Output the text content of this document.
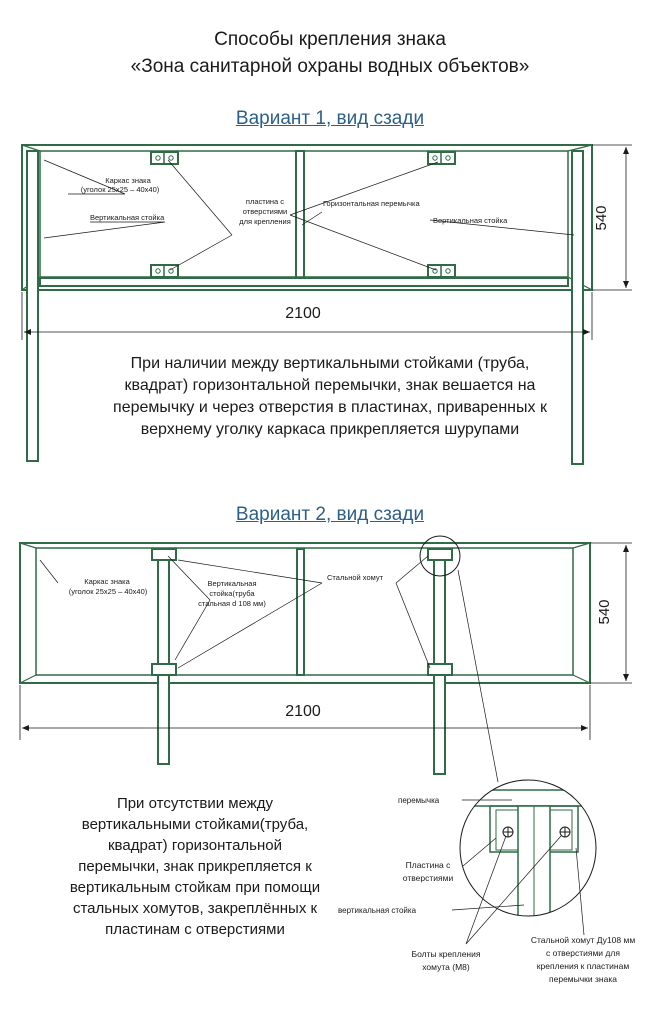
Способы крепления знака

«Зона санитарной охраны водных объектов»

Вариант 1, вид сзади

Вариант 2, вид сзади

При наличии между вертикальными стойками (труба,
квадрат) горизонтальной перемычки, знак вешается на
перемычку и через отверстия в пластинах, приваренных к
верхнему уголку каркаса прикрепляется шурупами
При отсутствии между
вертикальными стойками(труба,
квадрат) горизонтальной
перемычки, знак прикрепляется к
вертикальным стойкам при помощи
стальных хомутов, закреплённых к
пластинам с отверстиями
540
2100
Каркас знака
(уголок 25х25 – 40х40)
Вертикальная стойка
пластина с
отверстиями
для крепления
Горизонтальная перемычка
Вертикальная стойка
540
2100
Каркас знака
(уголок 25х25 – 40х40)
Вертикальная
стойка(труба
стальная d 108 мм)
Стальной хомут
перемычка
Пластина с
отверстиями
вертикальная стойка
Болты крепления
хомута (М8)
Стальной хомут Ду108 мм
с отверстиями для
крепления к пластинам
перемычки знака
